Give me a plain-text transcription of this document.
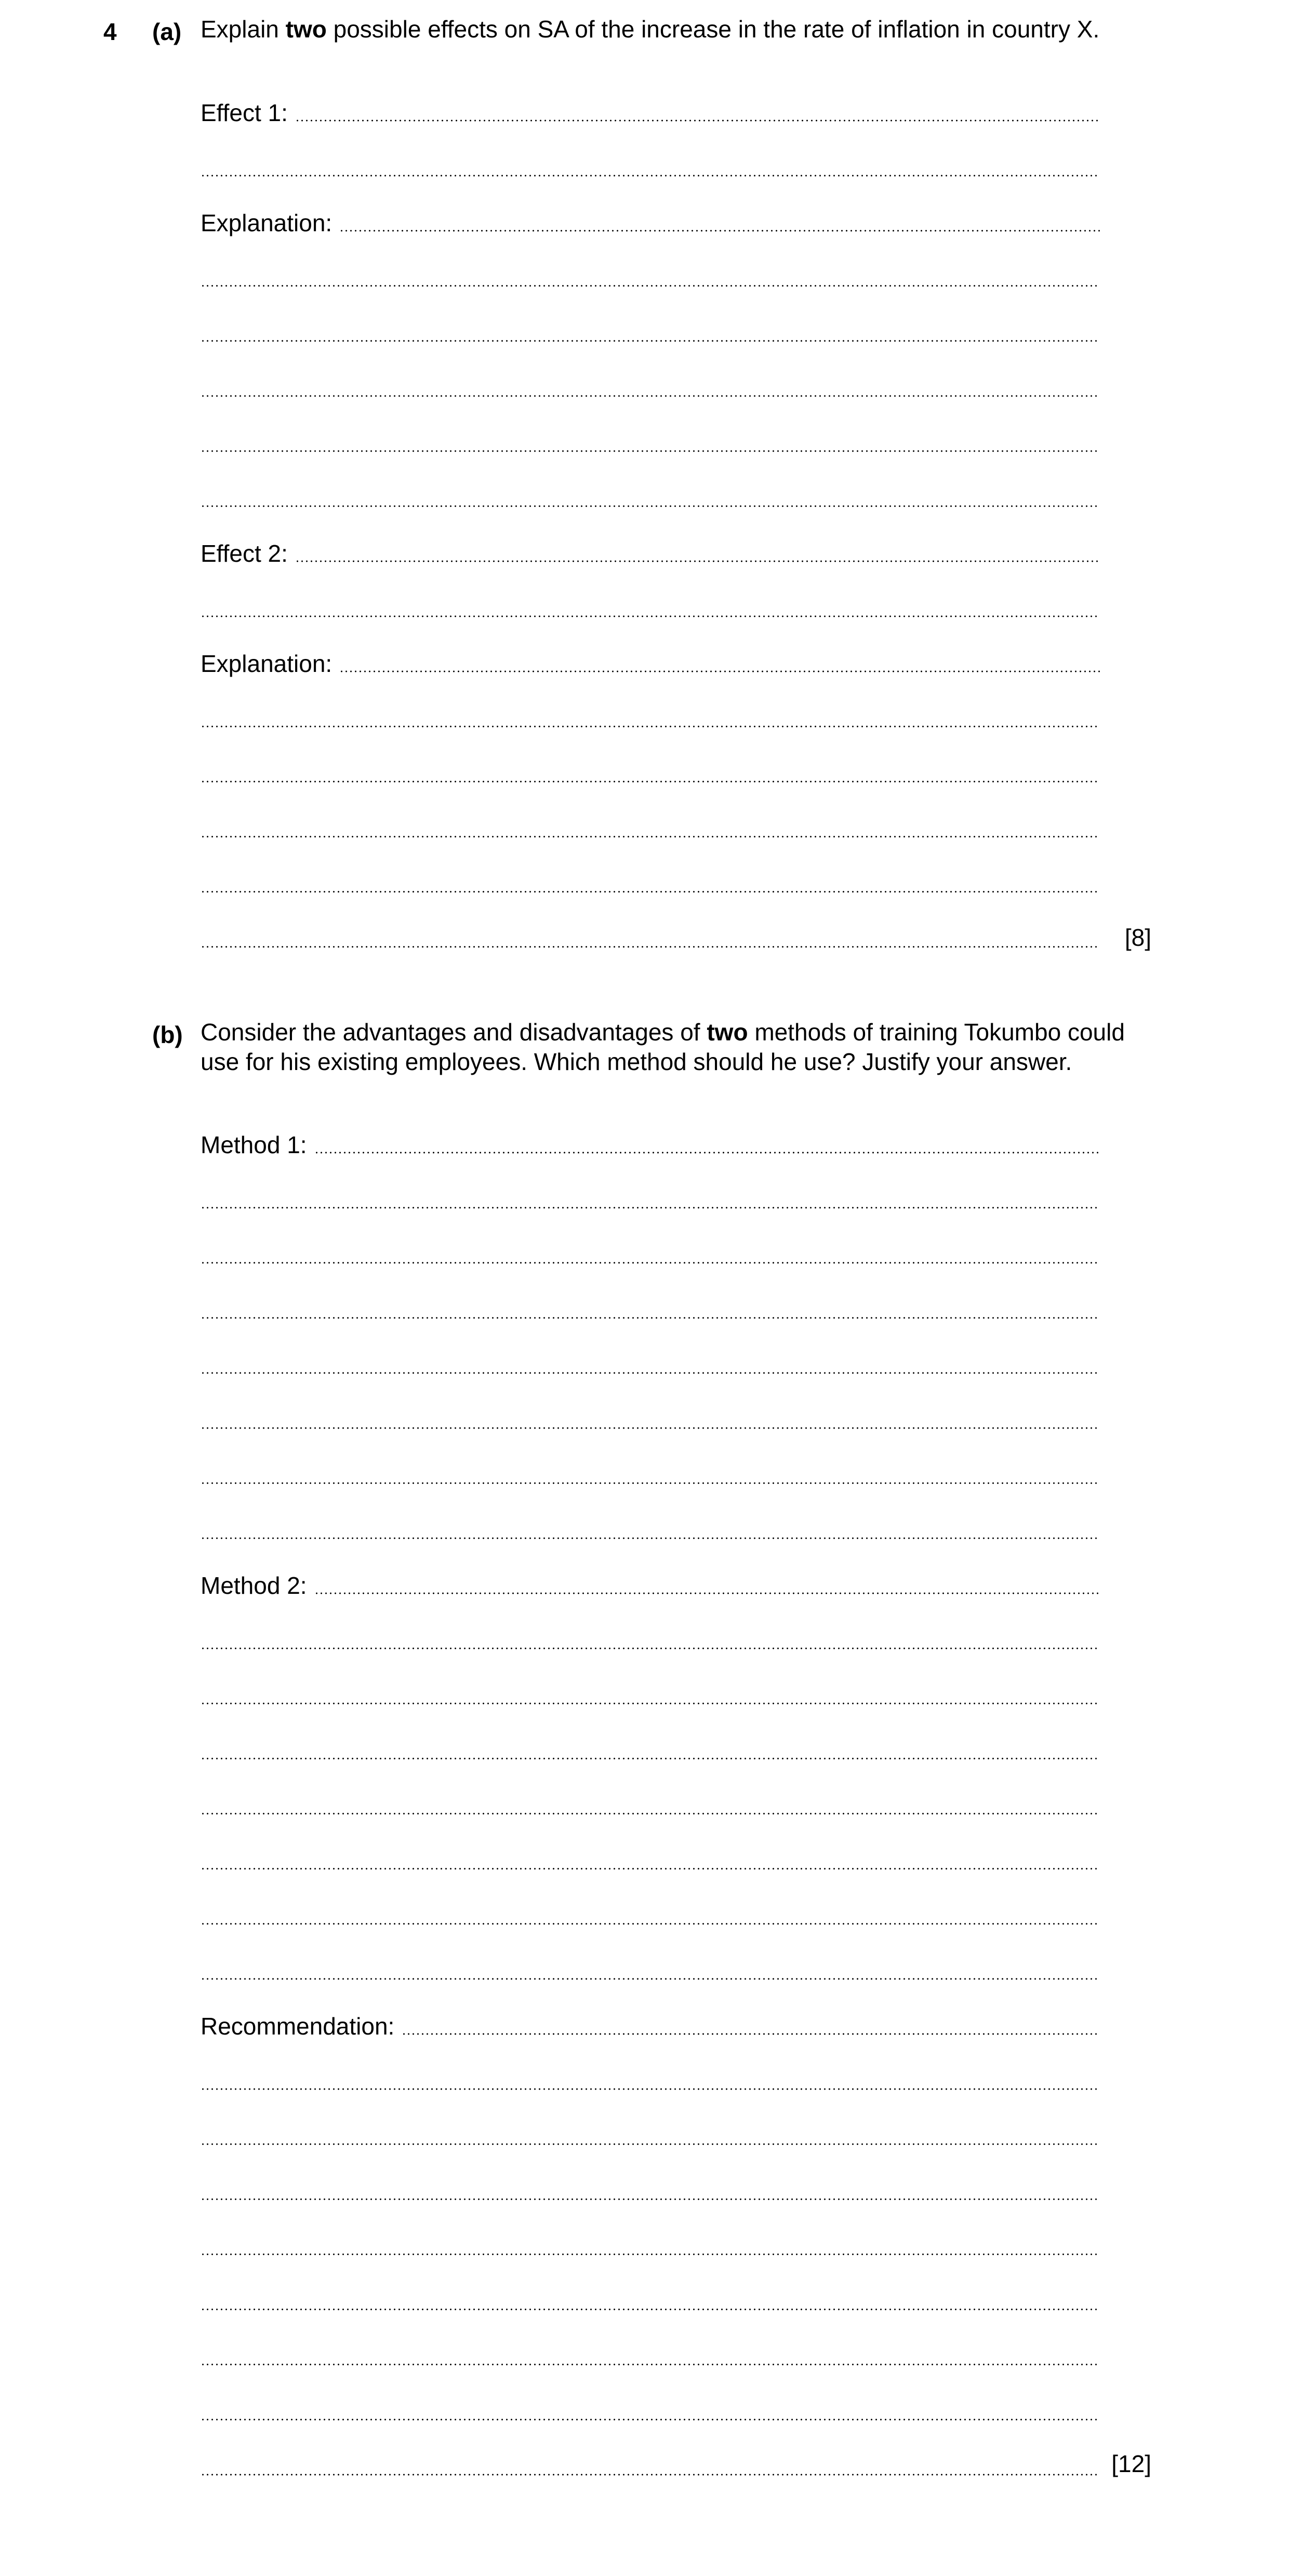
4 (a) Explain two possible effects on SA of the increase in the rate of inflation in country X.
Effect 1:
Explanation:
Effect 2:
Explanation:
[8]
(b) Consider the advantages and disadvantages of two methods of training Tokumbo could use for his existing employees. Which method should he use? Justify your answer.
Method 1:
Method 2:
Recommendation:
[12]
